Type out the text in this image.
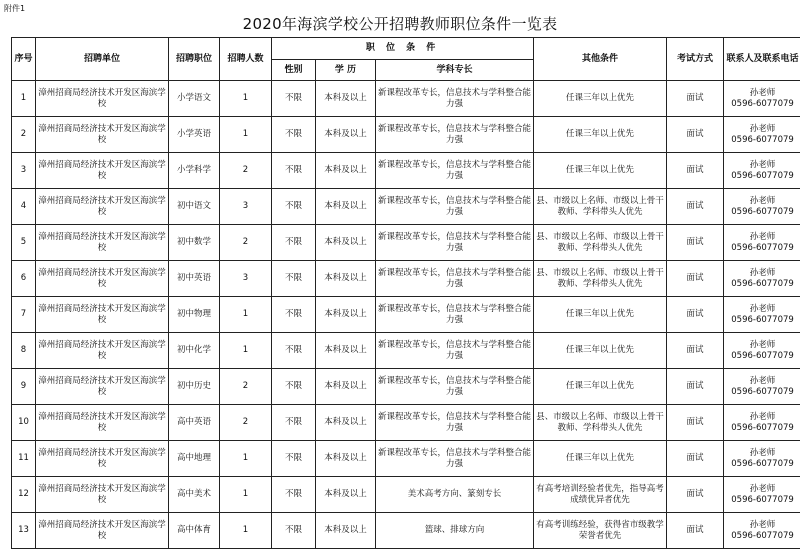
附件1
2020年海滨学校公开招聘教师职位条件一览表
序号	招聘单位	招聘职位	招聘人数	职 位 条 件			其他条件	考试方式	联系人及联系电话
				性别	学 历	学科专长			
1	漳州招商局经济技术开发区海滨学校	小学语文	1	不限	本科及以上	新课程改革专长，信息技术与学科整合能力强	任课三年以上优先	面试	孙老师
0596-6077079

2	漳州招商局经济技术开发区海滨学校	小学英语	1	不限	本科及以上	新课程改革专长，信息技术与学科整合能力强	任课三年以上优先	面试	孙老师
0596-6077079

3	漳州招商局经济技术开发区海滨学校	小学科学	2	不限	本科及以上	新课程改革专长，信息技术与学科整合能力强	任课三年以上优先	面试	孙老师
0596-6077079

4	漳州招商局经济技术开发区海滨学校	初中语文	3	不限	本科及以上	新课程改革专长，信息技术与学科整合能力强	县、市级以上名师、市级以上骨干教师、学科带头人优先	面试	孙老师
0596-6077079

5	漳州招商局经济技术开发区海滨学校	初中数学	2	不限	本科及以上	新课程改革专长，信息技术与学科整合能力强	县、市级以上名师、市级以上骨干教师、学科带头人优先	面试	孙老师
0596-6077079

6	漳州招商局经济技术开发区海滨学校	初中英语	3	不限	本科及以上	新课程改革专长，信息技术与学科整合能力强	县、市级以上名师、市级以上骨干教师、学科带头人优先	面试	孙老师
0596-6077079

7	漳州招商局经济技术开发区海滨学校	初中物理	1	不限	本科及以上	新课程改革专长，信息技术与学科整合能力强	任课三年以上优先	面试	孙老师
0596-6077079

8	漳州招商局经济技术开发区海滨学校	初中化学	1	不限	本科及以上	新课程改革专长，信息技术与学科整合能力强	任课三年以上优先	面试	孙老师
0596-6077079

9	漳州招商局经济技术开发区海滨学校	初中历史	2	不限	本科及以上	新课程改革专长，信息技术与学科整合能力强	任课三年以上优先	面试	孙老师
0596-6077079

10	漳州招商局经济技术开发区海滨学校	高中英语	2	不限	本科及以上	新课程改革专长，信息技术与学科整合能力强	县、市级以上名师、市级以上骨干教师、学科带头人优先	面试	孙老师
0596-6077079

11	漳州招商局经济技术开发区海滨学校	高中地理	1	不限	本科及以上	新课程改革专长，信息技术与学科整合能力强	任课三年以上优先	面试	孙老师
0596-6077079

12	漳州招商局经济技术开发区海滨学校	高中美术	1	不限	本科及以上	美术高考方向、篆刻专长	有高考培训经验者优先，指导高考成绩优异者优先	面试	孙老师
0596-6077079

13	漳州招商局经济技术开发区海滨学校	高中体育	1	不限	本科及以上	篮球、排球方向	有高考训练经验，获得省市级教学荣誉者优先	面试	孙老师
0596-6077079
